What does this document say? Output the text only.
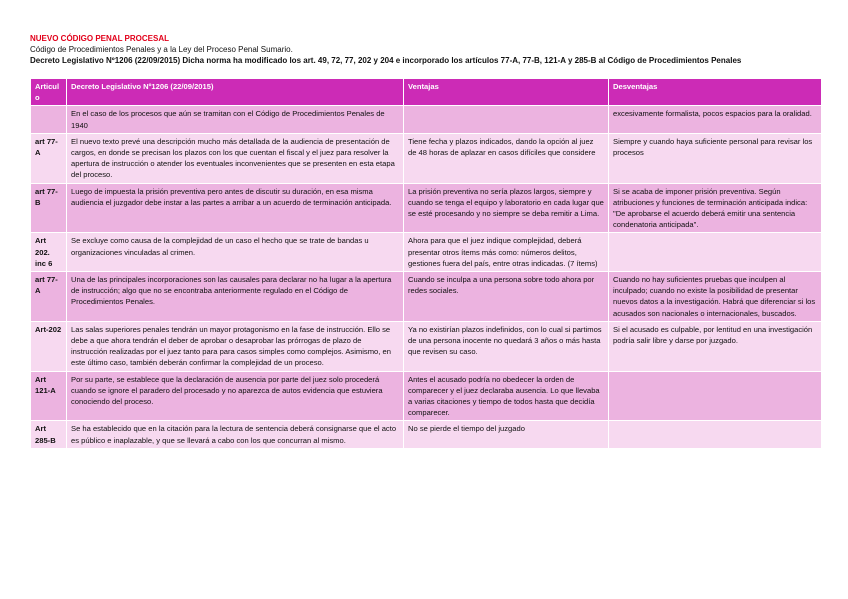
NUEVO CÓDIGO PENAL PROCESAL
Código de Procedimientos Penales y a la Ley del Proceso Penal Sumario.
Decreto Legislativo Nº1206 (22/09/2015) Dicha norma ha modificado los art. 49, 72, 77, 202 y 204 e incorporado los artículos 77-A, 77-B, 121-A y 285-B al Código de Procedimientos Penales
Articulo	Decreto Legislativo Nº1206 (22/09/2015)	Ventajas	Desventajas
	En el caso de los procesos que aún se tramitan con el Código de Procedimientos Penales de 1940		excesivamente formalista, pocos espacios para la oralidad.
art 77-A	El nuevo texto prevé una descripción mucho más detallada de la audiencia de presentación de cargos, en donde se precisan los plazos con los que cuentan el fiscal y el juez para resolver la apertura de instrucción o atender los eventuales inconvenientes que se presenten en esta etapa del proceso.	Tiene fecha y plazos indicados, dando la opción al juez de 48 horas de aplazar en casos difíciles que considere	Siempre y cuando haya suficiente personal para revisar los procesos
art 77-B	Luego de impuesta la prisión preventiva pero antes de discutir su duración, en esa misma audiencia el juzgador debe instar a las partes a arribar a un acuerdo de terminación anticipada.	La prisión preventiva no sería plazos largos, siempre y cuando se tenga el equipo y laboratorio en cada lugar que se esté procesando y no siempre se deba remitir a Lima.	Si se acaba de imponer prisión preventiva. Según atribuciones y funciones de terminación anticipada indica: "De aprobarse el acuerdo deberá emitir una sentencia condenatoria anticipada".
Art 202. inc 6	Se excluye como causa de la complejidad de un caso el hecho que se trate de bandas u organizaciones vinculadas al crimen.	Ahora para que el juez indique complejidad, deberá presentar otros ítems más como: números delitos, gestiones fuera del país, entre otras indicadas. (7 ítems)	
art 77-A	Una de las principales incorporaciones son las causales para declarar no ha lugar a la apertura de instrucción; algo que no se encontraba anteriormente regulado en el Código de Procedimientos Penales.	Cuando se inculpa a una persona sobre todo ahora por redes sociales.	Cuando no hay suficientes pruebas que inculpen al inculpado; cuando no existe la posibilidad de presentar nuevos datos a la investigación. Habrá que diferenciar si los acusados son nacionales o internacionales, buscados.
Art-202	Las salas superiores penales tendrán un mayor protagonismo en la fase de instrucción. Ello se debe a que ahora tendrán el deber de aprobar o desaprobar las prórrogas de plazo de instrucción realizadas por el juez tanto para para casos simples como complejos. Asimismo, en este último caso, también deberán confirmar la complejidad de un proceso.	Ya no existirían plazos indefinidos, con lo cual si partimos de una persona inocente no quedará 3 años o más hasta que revisen su caso.	Si el acusado es culpable, por lentitud en una investigación podría salir libre y darse por juzgado.
Art 121-A	Por su parte, se establece que la declaración de ausencia por parte del juez solo procederá cuando se ignore el paradero del procesado y no aparezca de autos evidencia que estuviera conociendo del proceso.	Antes el acusado podría no obedecer la orden de comparecer y el juez declaraba ausencia. Lo que llevaba a varias citaciones y tiempo de todos hasta que decidía comparecer.	
Art 285-B	Se ha establecido que en la citación para la lectura de sentencia deberá consignarse que el acto es público e inaplazable, y que se llevará a cabo con los que concurran al mismo.	No se pierde el tiempo del juzgado	
